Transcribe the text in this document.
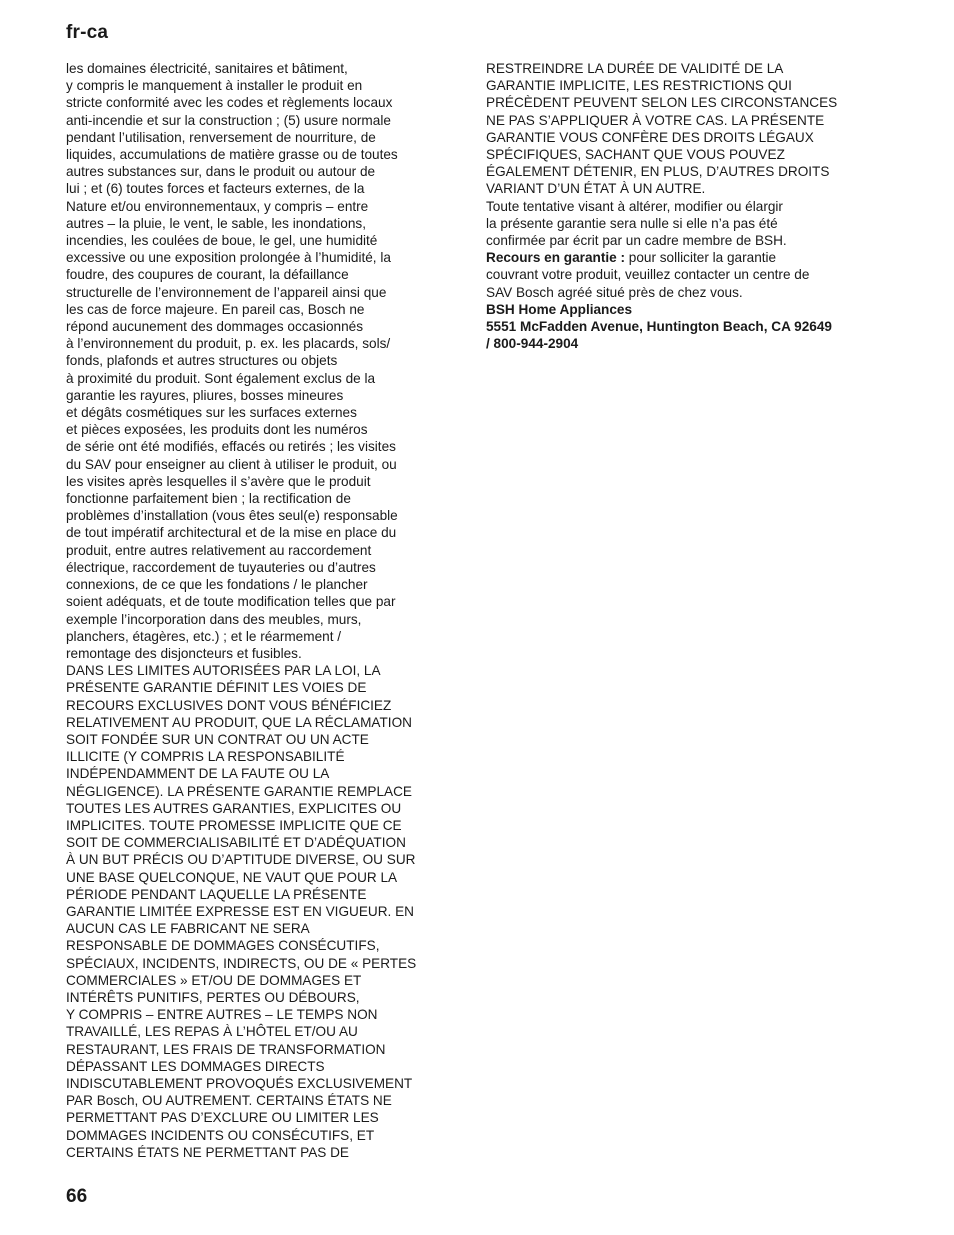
fr-ca
les domaines électricité, sanitaires et bâtiment,
y compris le manquement à installer le produit en
stricte conformité avec les codes et règlements locaux
anti-incendie et sur la construction ; (5) usure normale
pendant l’utilisation, renversement de nourriture, de
liquides, accumulations de matière grasse ou de toutes
autres substances sur, dans le produit ou autour de
lui ; et (6) toutes forces et facteurs externes, de la
Nature et/ou environnementaux, y compris – entre
autres – la pluie, le vent, le sable, les inondations,
incendies, les coulées de boue, le gel, une humidité
excessive ou une exposition prolongée à l’humidité, la
foudre, des coupures de courant, la défaillance
structurelle de l’environnement de l’appareil ainsi que
les cas de force majeure. En pareil cas, Bosch ne
répond aucunement des dommages occasionnés
à l’environnement du produit, p. ex. les placards, sols/
fonds, plafonds et autres structures ou objets
à proximité du produit. Sont également exclus de la
garantie les rayures, pliures, bosses mineures
et dégâts cosmétiques sur les surfaces externes
et pièces exposées, les produits dont les numéros
de série ont été modifiés, effacés ou retirés ; les visites
du SAV pour enseigner au client à utiliser le produit, ou
les visites après lesquelles il s’avère que le produit
fonctionne parfaitement bien ; la rectification de
problèmes d’installation (vous êtes seul(e) responsable
de tout impératif architectural et de la mise en place du
produit, entre autres relativement au raccordement
électrique, raccordement de tuyauteries ou d’autres
connexions, de ce que les fondations / le plancher
soient adéquats, et de toute modification telles que par
exemple l’incorporation dans des meubles, murs,
planchers, étagères, etc.) ; et le réarmement /
remontage des disjoncteurs et fusibles.
DANS LES LIMITES AUTORISÉES PAR LA LOI, LA
PRÉSENTE GARANTIE DÉFINIT LES VOIES DE
RECOURS EXCLUSIVES DONT VOUS BÉNÉFICIEZ
RELATIVEMENT AU PRODUIT, QUE LA RÉCLAMATION
SOIT FONDÉE SUR UN CONTRAT OU UN ACTE
ILLICITE (Y COMPRIS LA RESPONSABILITÉ
INDÉPENDAMMENT DE LA FAUTE OU LA
NÉGLIGENCE). LA PRÉSENTE GARANTIE REMPLACE
TOUTES LES AUTRES GARANTIES, EXPLICITES OU
IMPLICITES. TOUTE PROMESSE IMPLICITE QUE CE
SOIT DE COMMERCIALISABILITÉ ET D’ADÉQUATION
À UN BUT PRÉCIS OU D’APTITUDE DIVERSE, OU SUR
UNE BASE QUELCONQUE, NE VAUT QUE POUR LA
PÉRIODE PENDANT LAQUELLE LA PRÉSENTE
GARANTIE LIMITÉE EXPRESSE EST EN VIGUEUR. EN
AUCUN CAS LE FABRICANT NE SERA
RESPONSABLE DE DOMMAGES CONSÉCUTIFS,
SPÉCIAUX, INCIDENTS, INDIRECTS, OU DE « PERTES
COMMERCIALES » ET/OU DE DOMMAGES ET
INTÉRÊTS PUNITIFS, PERTES OU DÉBOURS,
Y COMPRIS – ENTRE AUTRES – LE TEMPS NON
TRAVAILLÉ, LES REPAS À L’HÔTEL ET/OU AU
RESTAURANT, LES FRAIS DE TRANSFORMATION
DÉPASSANT LES DOMMAGES DIRECTS
INDISCUTABLEMENT PROVOQUÉS EXCLUSIVEMENT
PAR Bosch, OU AUTREMENT. CERTAINS ÉTATS NE
PERMETTANT PAS D’EXCLURE OU LIMITER LES
DOMMAGES INCIDENTS OU CONSÉCUTIFS, ET
CERTAINS ÉTATS NE PERMETTANT PAS DE
RESTREINDRE LA DURÉE DE VALIDITÉ DE LA
GARANTIE IMPLICITE, LES RESTRICTIONS QUI
PRÉCÈDENT PEUVENT SELON LES CIRCONSTANCES
NE PAS S’APPLIQUER À VOTRE CAS. LA PRÉSENTE
GARANTIE VOUS CONFÈRE DES DROITS LÉGAUX
SPÉCIFIQUES, SACHANT QUE VOUS POUVEZ
ÉGALEMENT DÉTENIR, EN PLUS, D’AUTRES DROITS
VARIANT D’UN ÉTAT À UN AUTRE.
Toute tentative visant à altérer, modifier ou élargir
la présente garantie sera nulle si elle n’a pas été
confirmée par écrit par un cadre membre de BSH.
Recours en garantie : pour solliciter la garantie
couvrant votre produit, veuillez contacter un centre de
SAV Bosch agréé situé près de chez vous.
BSH Home Appliances
5551 McFadden Avenue, Huntington Beach, CA 92649
/ 800-944-2904
66
